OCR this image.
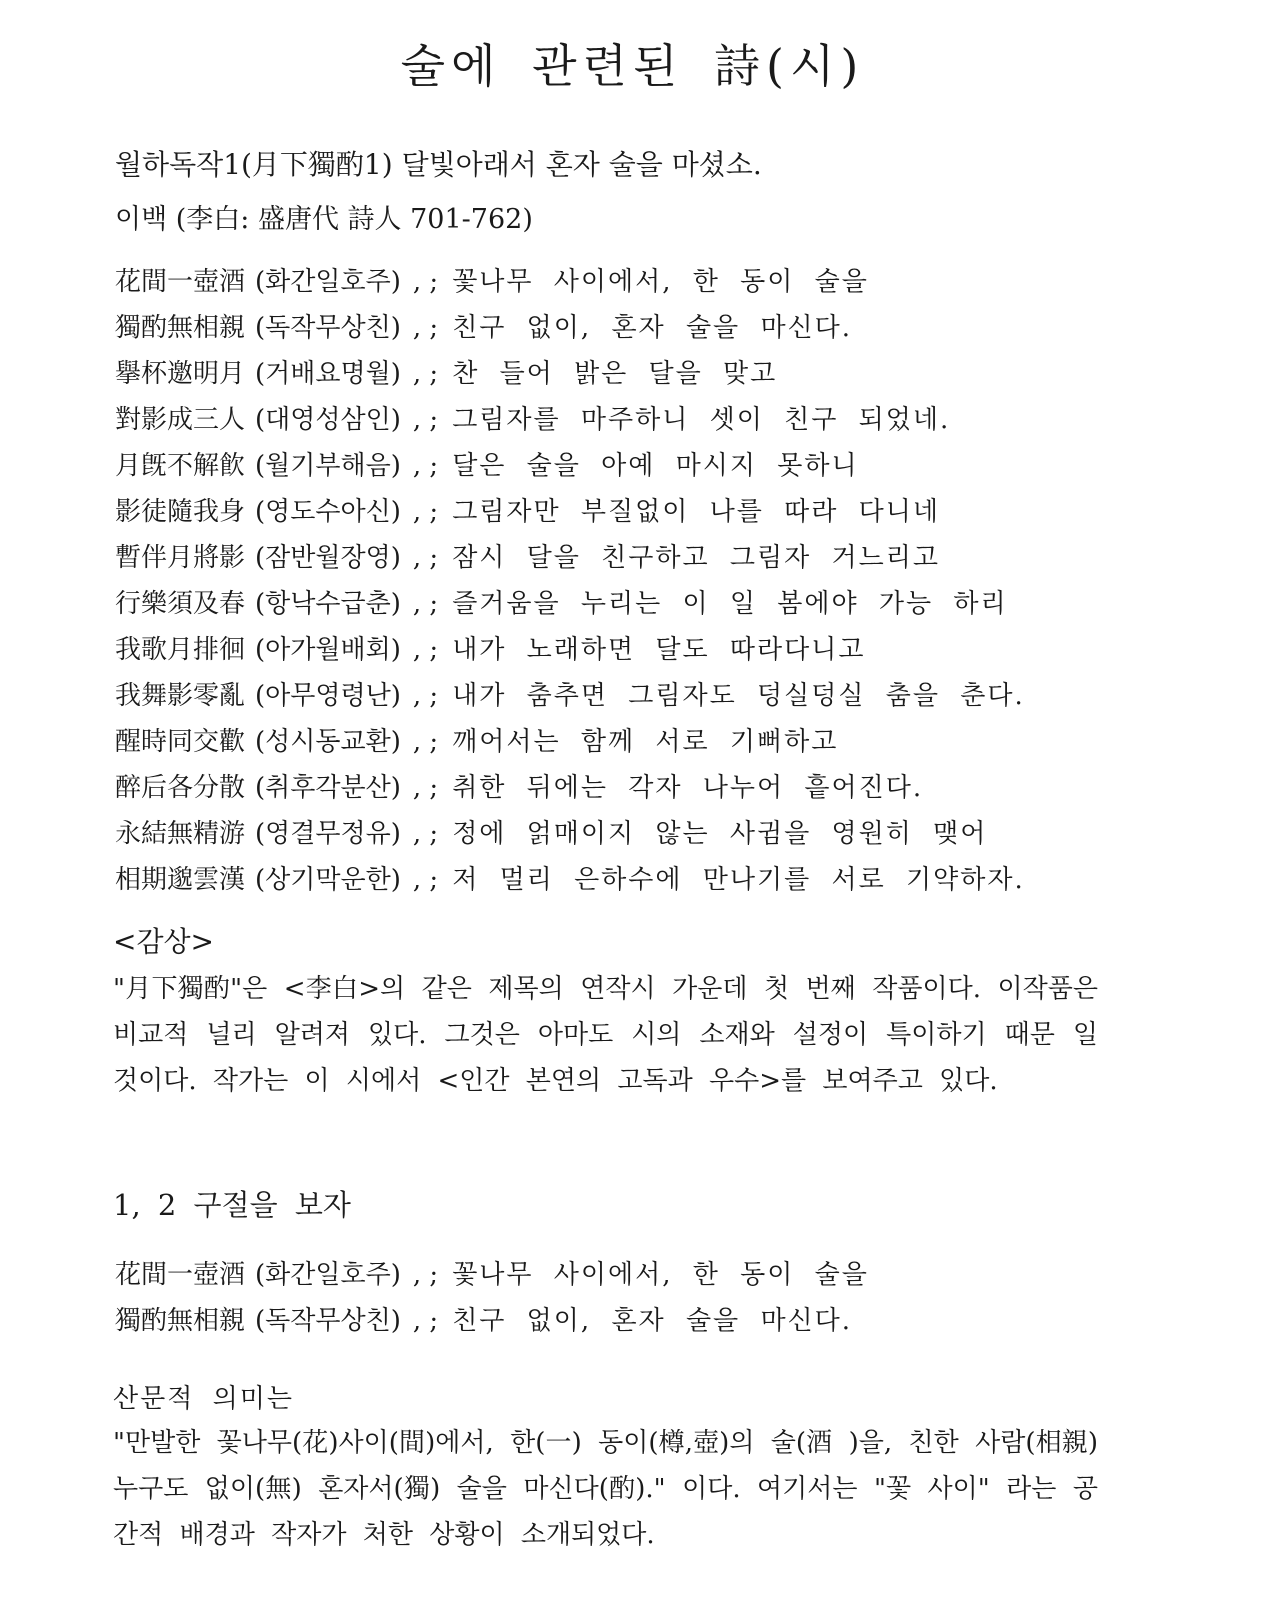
술에 관련된 詩(시)

월하독작1(月下獨酌1) 달빛아래서 혼자 술을 마셨소.

이백 (李白: 盛唐代 詩人 701-762)

花間一壺酒 (화간일호주) , ; 꽃나무 사이에서, 한 동이 술을
獨酌無相親 (독작무상친) , ; 친구 없이, 혼자 술을 마신다.
擧杯邀明月 (거배요명월) , ; 찬 들어 밝은 달을 맞고
對影成三人 (대영성삼인) , ; 그림자를 마주하니 셋이 친구 되었네.
月旣不解飮 (월기부해음) , ; 달은 술을 아예 마시지 못하니
影徒隨我身 (영도수아신) , ; 그림자만 부질없이 나를 따라 다니네
暫伴月將影 (잠반월장영) , ; 잠시 달을 친구하고 그림자 거느리고
行樂須及春 (항낙수급춘) , ; 즐거움을 누리는 이 일 봄에야 가능 하리
我歌月排徊 (아가월배회) , ; 내가 노래하면 달도 따라다니고
我舞影零亂 (아무영령난) , ; 내가 춤추면 그림자도 덩실덩실 춤을 춘다.
醒時同交歡 (성시동교환) , ; 깨어서는 함께 서로 기뻐하고
醉后各分散 (취후각분산) , ; 취한 뒤에는 각자 나누어 흩어진다.
永結無精游 (영결무정유) , ; 정에 얽매이지 않는 사귐을 영원히 맺어
相期邈雲漢 (상기막운한) , ; 저 멀리 은하수에 만나기를 서로 기약하자.

<감상>

"月下獨酌"은 <李白>의 같은 제목의 연작시 가운데 첫 번째 작품이다. 이작품은 비교적 널리 알려져 있다. 그것은 아마도 시의 소재와 설정이 특이하기 때문 일 것이다. 작가는 이 시에서 <인간 본연의 고독과 우수>를 보여주고 있다.

1, 2 구절을 보자

花間一壺酒 (화간일호주) , ; 꽃나무 사이에서, 한 동이 술을
獨酌無相親 (독작무상친) , ; 친구 없이, 혼자 술을 마신다.

산문적 의미는

"만발한 꽃나무(花)사이(間)에서, 한(一) 동이(樽,壺)의 술(酒 )을, 친한 사람(相親) 누구도 없이(無) 혼자서(獨) 술을 마신다(酌)." 이다. 여기서는 "꽃 사이" 라는 공간적 배경과 작자가 처한 상황이 소개되었다.
